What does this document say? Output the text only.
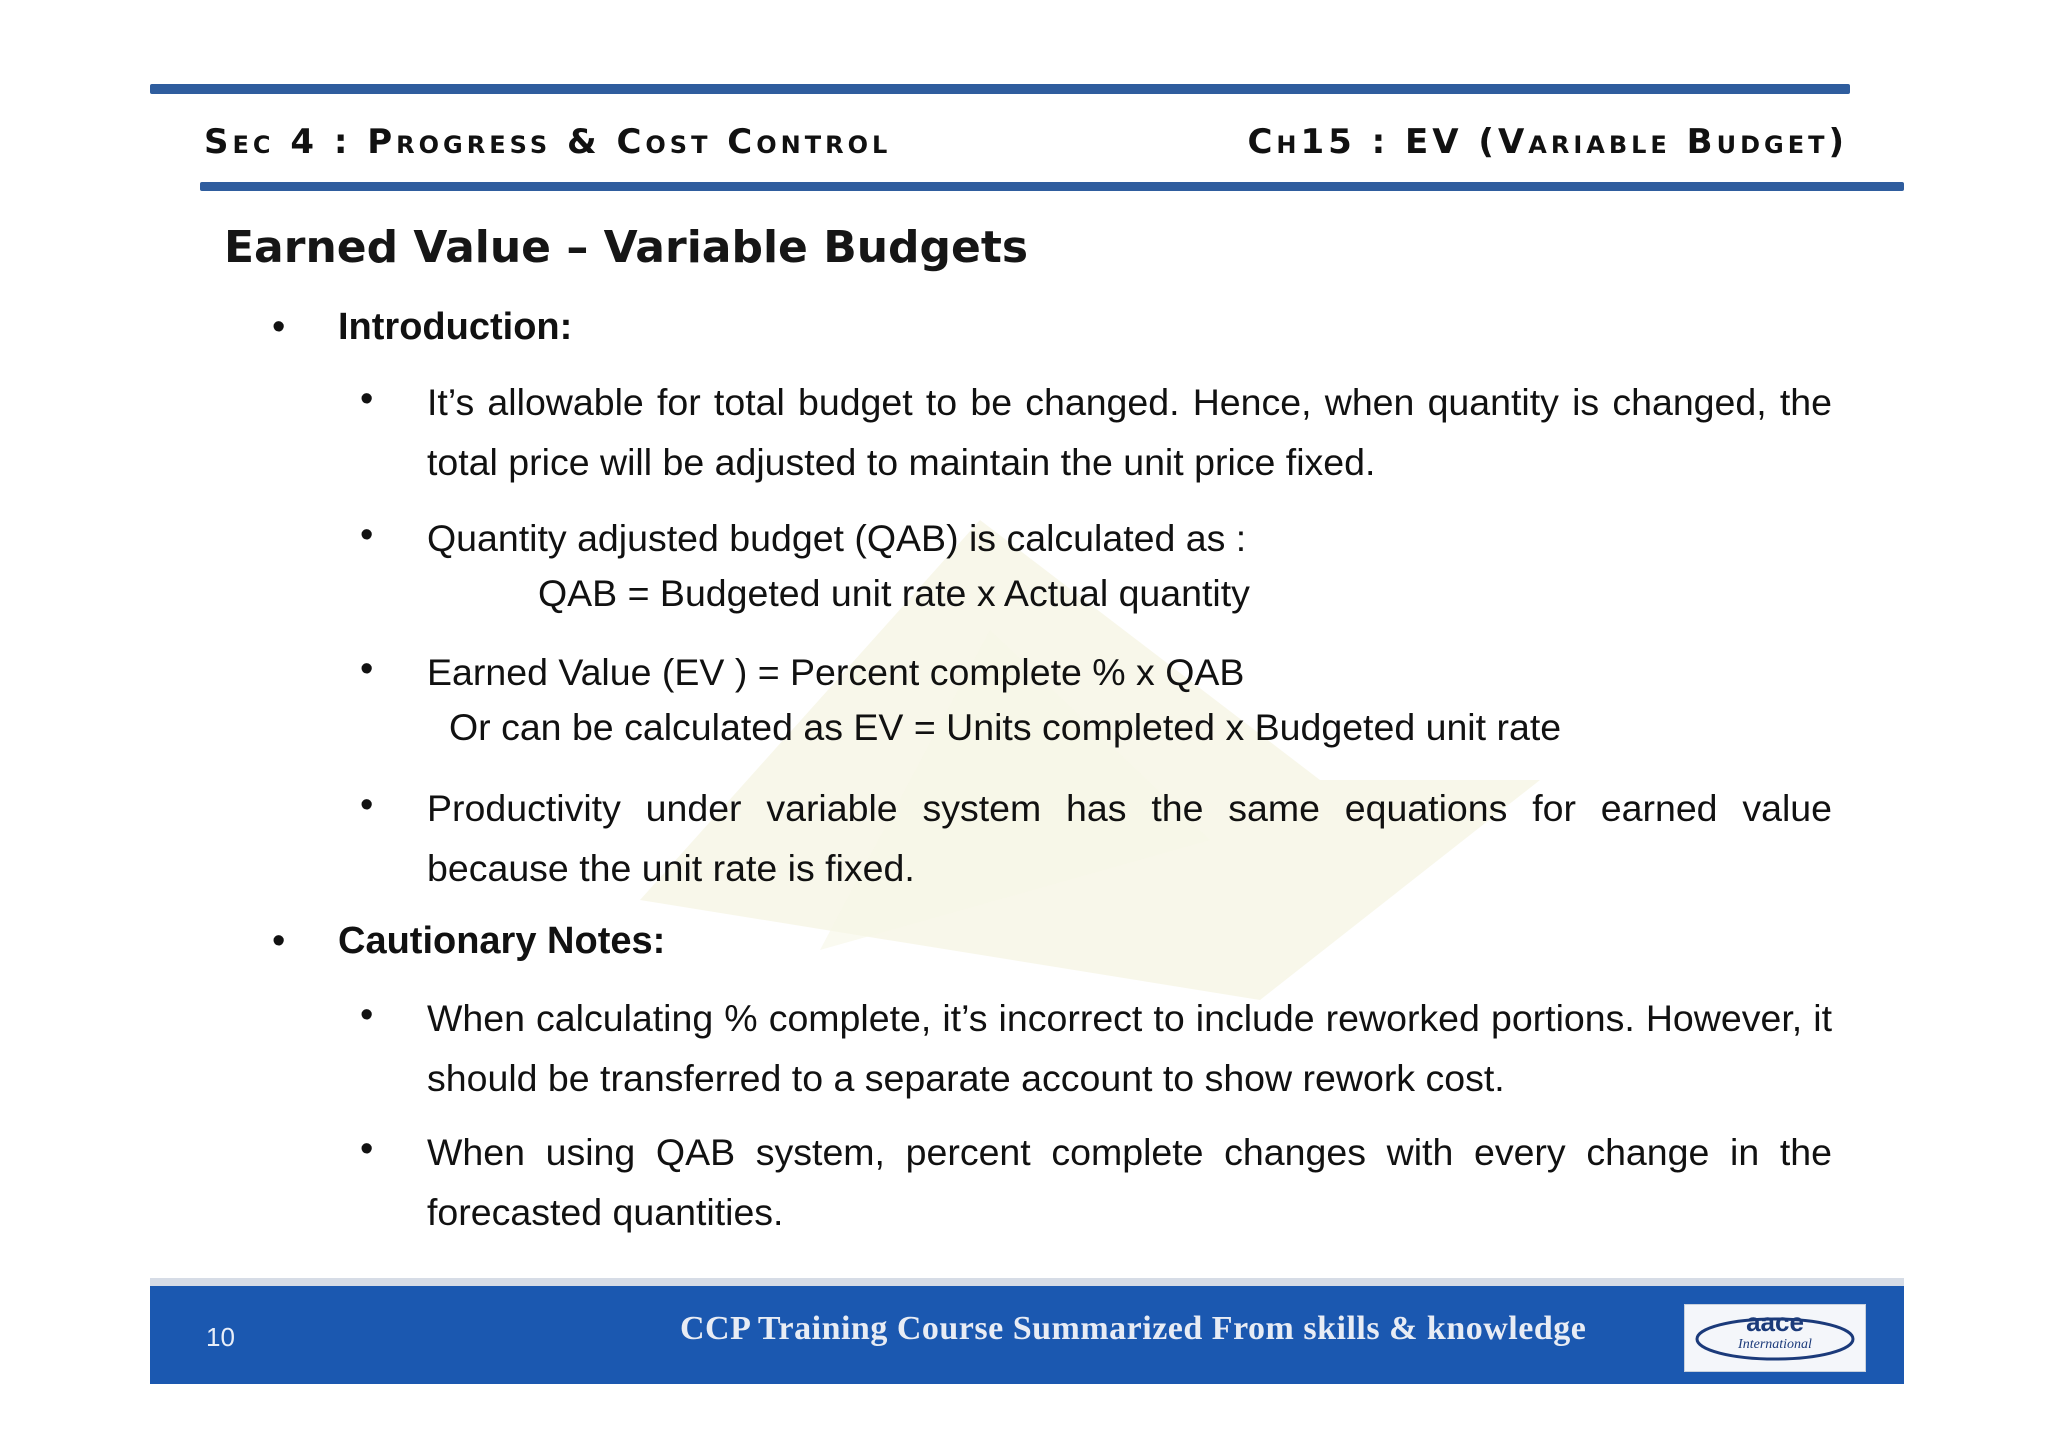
Sec 4 : Progress & Cost Control	Ch15 : EV (Variable Budget)
Earned Value – Variable Budgets
• Introduction:
• It’s allowable for total budget to be changed. Hence, when quantity is changed, the total price will be adjusted to maintain the unit price fixed.
• Quantity adjusted budget (QAB) is calculated as :
QAB = Budgeted unit rate x Actual quantity
• Earned Value (EV ) = Percent complete % x QAB
Or can be calculated as EV = Units completed x Budgeted unit rate
• Productivity under variable system has the same equations for earned value because the unit rate is fixed.
• Cautionary Notes:
• When calculating % complete, it’s incorrect to include reworked portions. However, it should be transferred to a separate account to show rework cost.
• When using QAB system, percent complete changes with every change in the forecasted quantities.
10	CCP Training Course Summarized From skills & knowledge	aace
International
